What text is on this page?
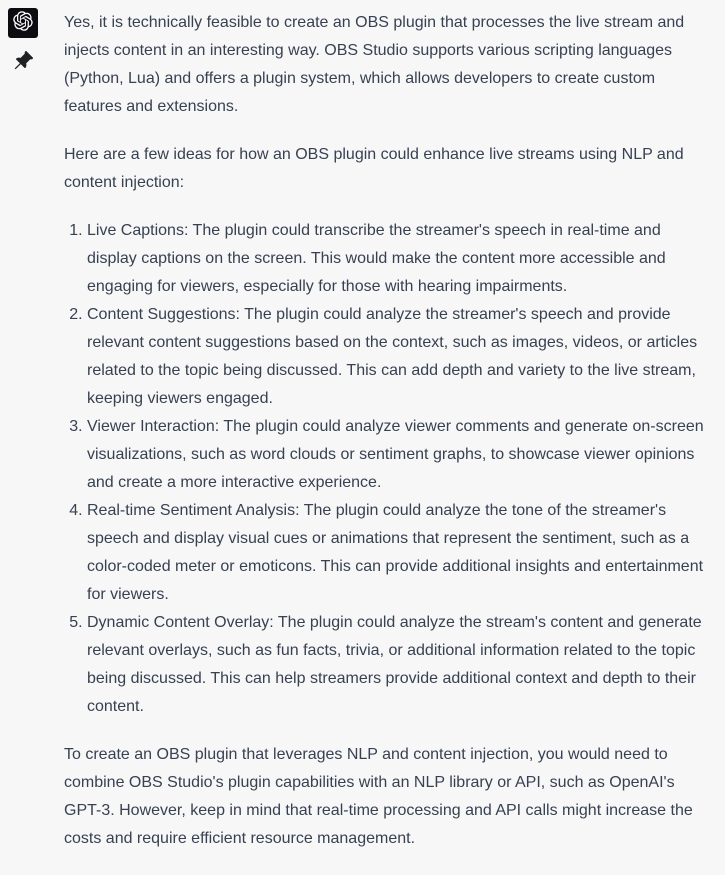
Yes, it is technically feasible to create an OBS plugin that processes the live stream and injects content in an interesting way. OBS Studio supports various scripting languages (Python, Lua) and offers a plugin system, which allows developers to create custom features and extensions.

Here are a few ideas for how an OBS plugin could enhance live streams using NLP and content injection:

1. Live Captions: The plugin could transcribe the streamer's speech in real-time and display captions on the screen. This would make the content more accessible and engaging for viewers, especially for those with hearing impairments.
2. Content Suggestions: The plugin could analyze the streamer's speech and provide relevant content suggestions based on the context, such as images, videos, or articles related to the topic being discussed. This can add depth and variety to the live stream, keeping viewers engaged.
3. Viewer Interaction: The plugin could analyze viewer comments and generate on-screen visualizations, such as word clouds or sentiment graphs, to showcase viewer opinions and create a more interactive experience.
4. Real-time Sentiment Analysis: The plugin could analyze the tone of the streamer's speech and display visual cues or animations that represent the sentiment, such as a color-coded meter or emoticons. This can provide additional insights and entertainment for viewers.
5. Dynamic Content Overlay: The plugin could analyze the stream's content and generate relevant overlays, such as fun facts, trivia, or additional information related to the topic being discussed. This can help streamers provide additional context and depth to their content.

To create an OBS plugin that leverages NLP and content injection, you would need to combine OBS Studio's plugin capabilities with an NLP library or API, such as OpenAI's GPT-3. However, keep in mind that real-time processing and API calls might increase the costs and require efficient resource management.
